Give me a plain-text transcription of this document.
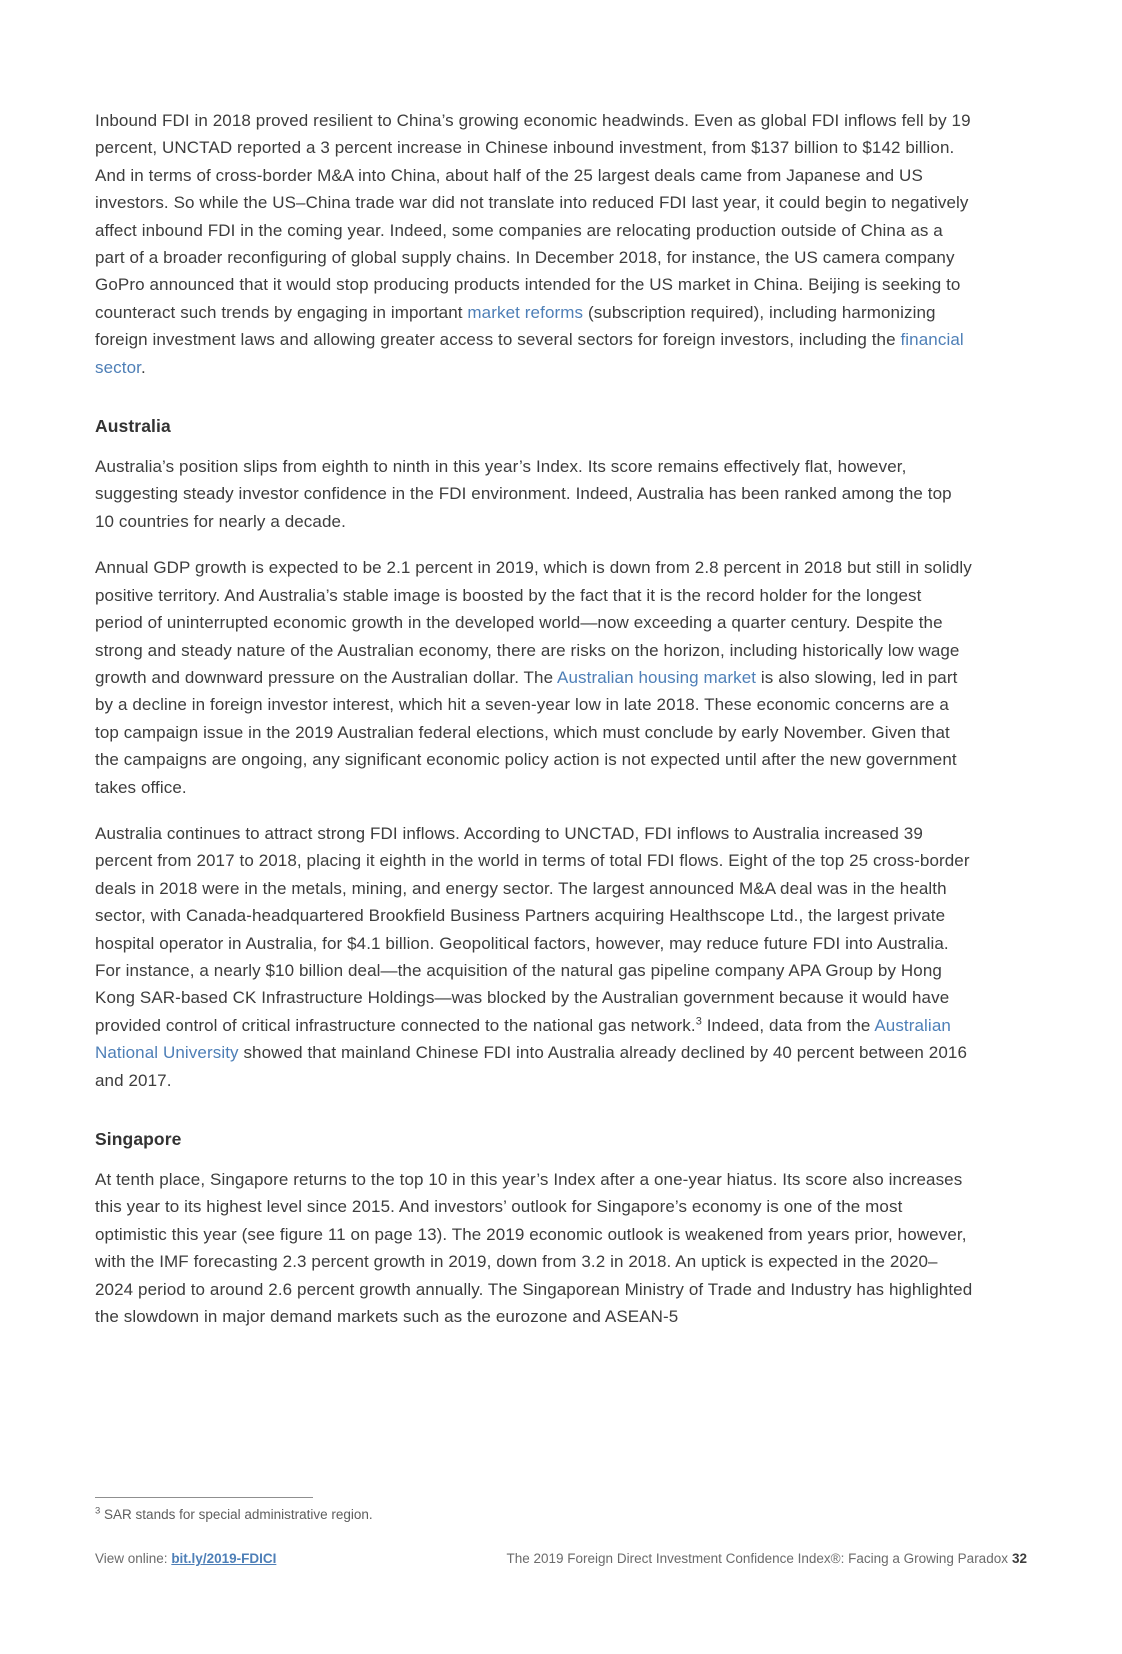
Inbound FDI in 2018 proved resilient to China’s growing economic headwinds. Even as global FDI inflows fell by 19 percent, UNCTAD reported a 3 percent increase in Chinese inbound investment, from $137 billion to $142 billion. And in terms of cross-border M&A into China, about half of the 25 largest deals came from Japanese and US investors. So while the US–China trade war did not translate into reduced FDI last year, it could begin to negatively affect inbound FDI in the coming year. Indeed, some companies are relocating production outside of China as a part of a broader reconfiguring of global supply chains. In December 2018, for instance, the US camera company GoPro announced that it would stop producing products intended for the US market in China. Beijing is seeking to counteract such trends by engaging in important market reforms (subscription required), including harmonizing foreign investment laws and allowing greater access to several sectors for foreign investors, including the financial sector.

Australia

Australia’s position slips from eighth to ninth in this year’s Index. Its score remains effectively flat, however, suggesting steady investor confidence in the FDI environment. Indeed, Australia has been ranked among the top 10 countries for nearly a decade.

Annual GDP growth is expected to be 2.1 percent in 2019, which is down from 2.8 percent in 2018 but still in solidly positive territory. And Australia’s stable image is boosted by the fact that it is the record holder for the longest period of uninterrupted economic growth in the developed world—now exceeding a quarter century. Despite the strong and steady nature of the Australian economy, there are risks on the horizon, including historically low wage growth and downward pressure on the Australian dollar. The Australian housing market is also slowing, led in part by a decline in foreign investor interest, which hit a seven-year low in late 2018. These economic concerns are a top campaign issue in the 2019 Australian federal elections, which must conclude by early November. Given that the campaigns are ongoing, any significant economic policy action is not expected until after the new government takes office.

Australia continues to attract strong FDI inflows. According to UNCTAD, FDI inflows to Australia increased 39 percent from 2017 to 2018, placing it eighth in the world in terms of total FDI flows. Eight of the top 25 cross-border deals in 2018 were in the metals, mining, and energy sector. The largest announced M&A deal was in the health sector, with Canada-headquartered Brookfield Business Partners acquiring Healthscope Ltd., the largest private hospital operator in Australia, for $4.1 billion. Geopolitical factors, however, may reduce future FDI into Australia. For instance, a nearly $10 billion deal—the acquisition of the natural gas pipeline company APA Group by Hong Kong SAR-based CK Infrastructure Holdings—was blocked by the Australian government because it would have provided control of critical infrastructure connected to the national gas network.$^3$ Indeed, data from the Australian National University showed that mainland Chinese FDI into Australia already declined by 40 percent between 2016 and 2017.

Singapore

At tenth place, Singapore returns to the top 10 in this year’s Index after a one-year hiatus. Its score also increases this year to its highest level since 2015. And investors’ outlook for Singapore’s economy is one of the most optimistic this year (see figure 11 on page 13). The 2019 economic outlook is weakened from years prior, however, with the IMF forecasting 2.3 percent growth in 2019, down from 3.2 in 2018. An uptick is expected in the 2020–2024 period to around 2.6 percent growth annually. The Singaporean Ministry of Trade and Industry has highlighted the slowdown in major demand markets such as the eurozone and ASEAN-5

$^3$ SAR stands for special administrative region.

View online: bit.ly/2019-FDICI	The 2019 Foreign Direct Investment Confidence Index®: Facing a Growing Paradox 32
